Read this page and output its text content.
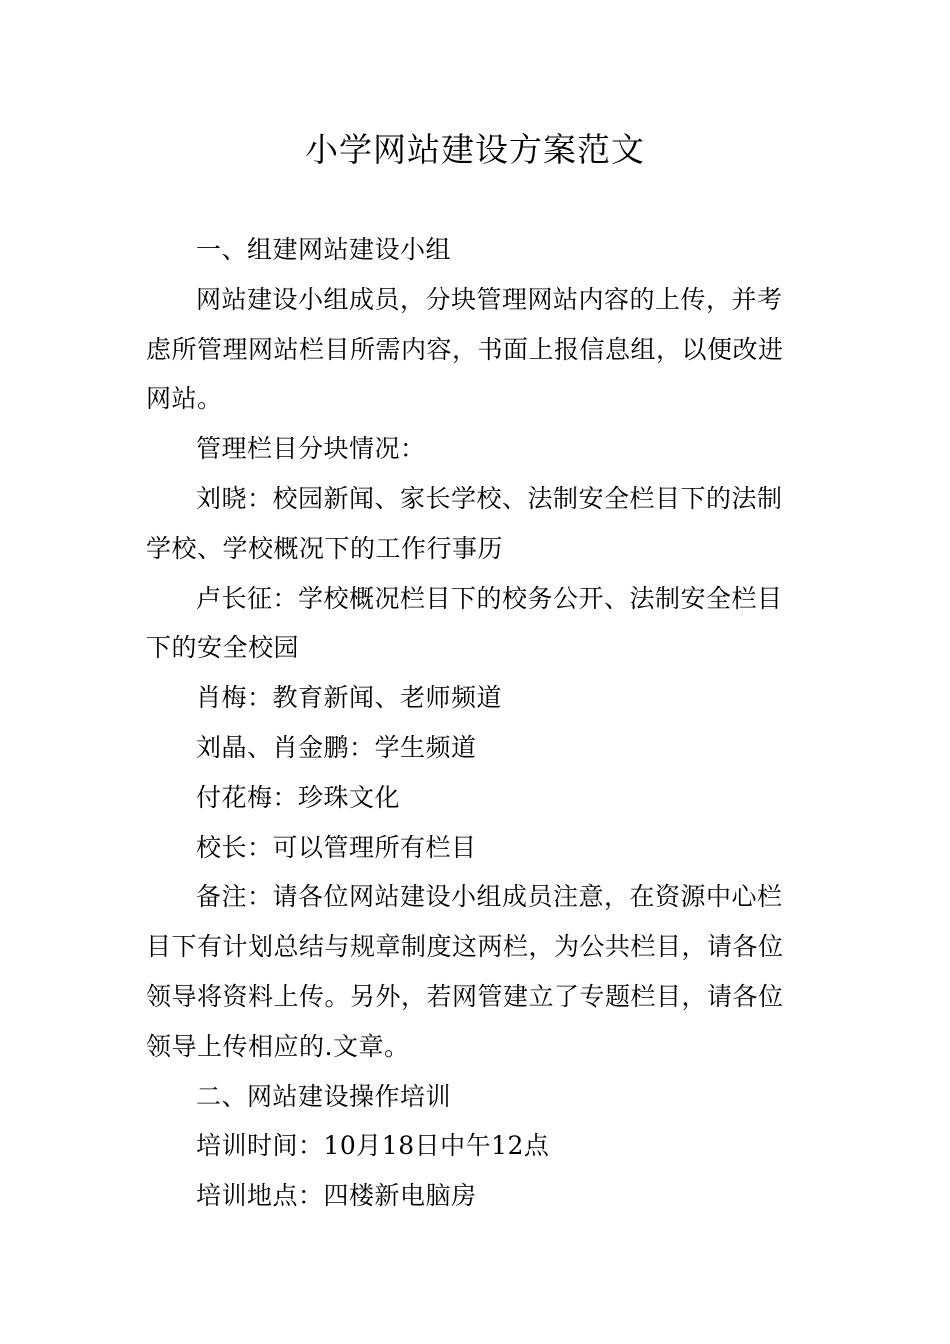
小学网站建设方案范文

一、组建网站建设小组

网站建设小组成员，分块管理网站内容的上传，并考虑所管理网站栏目所需内容，书面上报信息组，以便改进网站。

管理栏目分块情况：

刘晓：校园新闻、家长学校、法制安全栏目下的法制学校、学校概况下的工作行事历

卢长征：学校概况栏目下的校务公开、法制安全栏目下的安全校园

肖梅：教育新闻、老师频道

刘晶、肖金鹏：学生频道

付花梅：珍珠文化

校长：可以管理所有栏目

备注：请各位网站建设小组成员注意，在资源中心栏目下有计划总结与规章制度这两栏，为公共栏目，请各位领导将资料上传。另外，若网管建立了专题栏目，请各位领导上传相应的.文章。

二、网站建设操作培训

培训时间：10月18日中午12点

培训地点：四楼新电脑房
